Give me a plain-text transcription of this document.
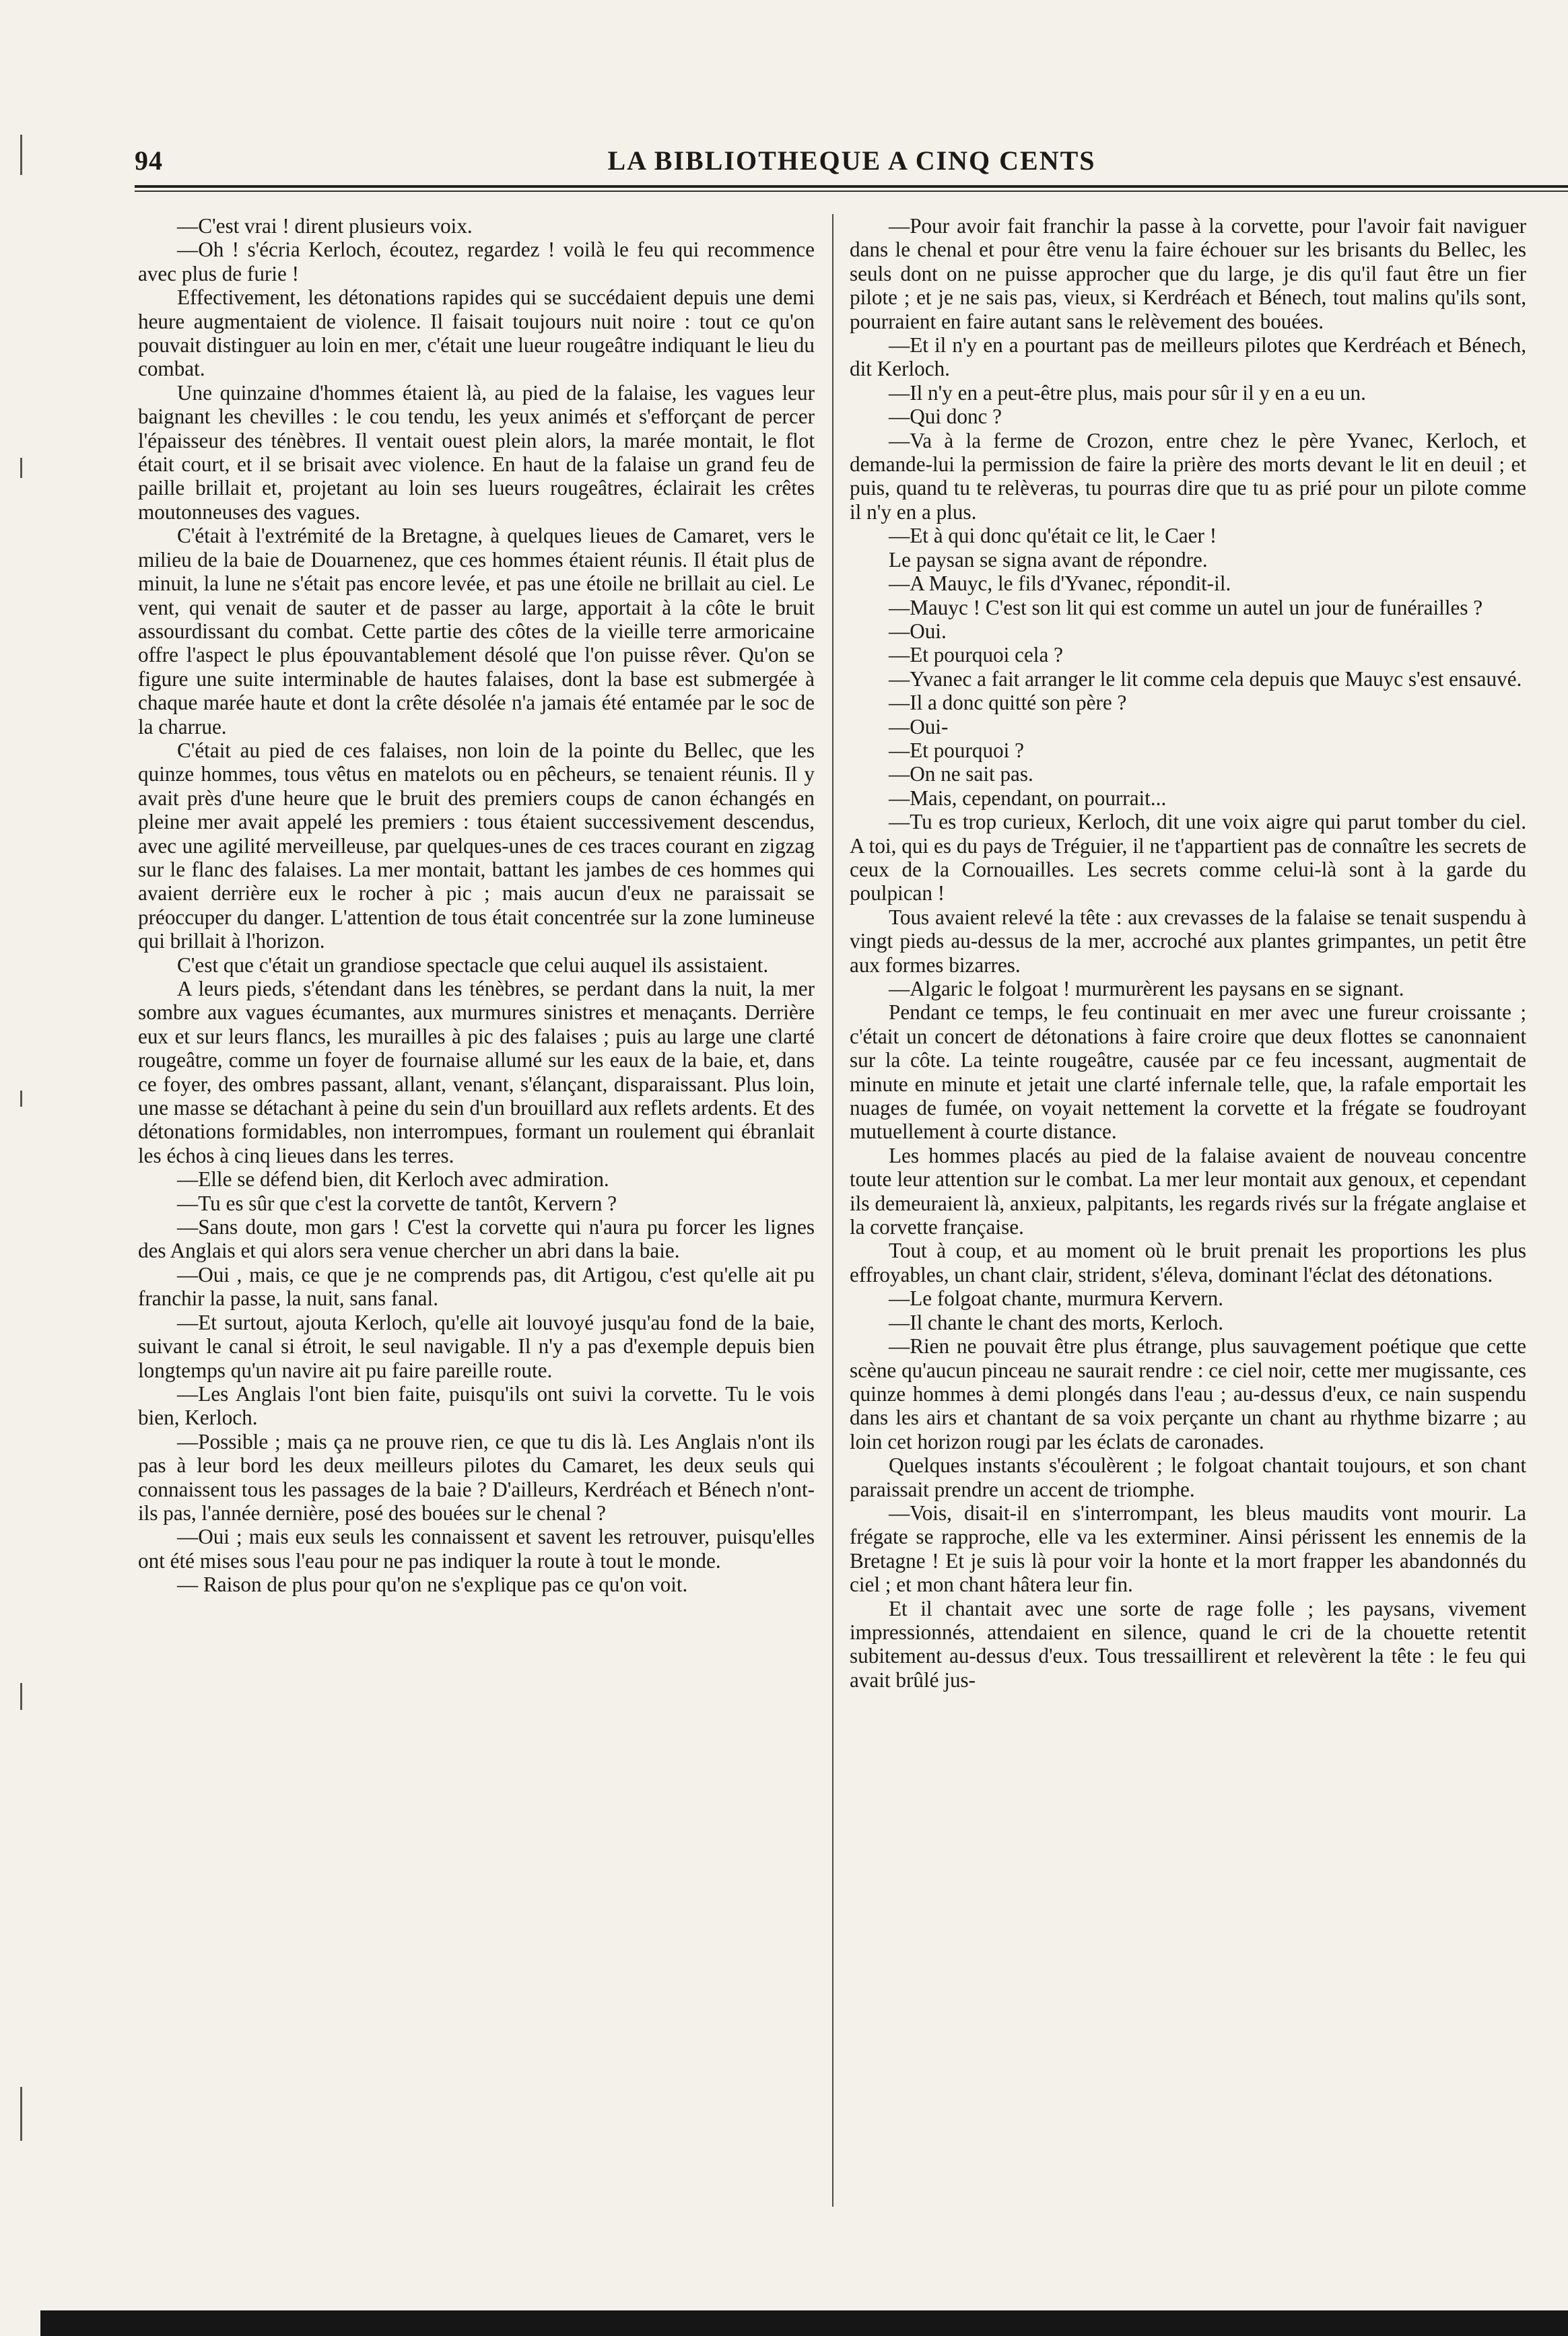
94	LA BIBLIOTHEQUE A CINQ CENTS

—C'est vrai ! dirent plusieurs voix.

—Oh ! s'écria Kerloch, écoutez, regardez ! voilà le feu qui recommence avec plus de furie !

Effectivement, les détonations rapides qui se succédaient depuis une demi heure augmentaient de violence. Il faisait toujours nuit noire : tout ce qu'on pouvait distinguer au loin en mer, c'était une lueur rougeâtre indiquant le lieu du combat.

Une quinzaine d'hommes étaient là, au pied de la falaise, les vagues leur baignant les chevilles : le cou tendu, les yeux animés et s'efforçant de percer l'épaisseur des ténèbres. Il ventait ouest plein alors, la marée montait, le flot était court, et il se brisait avec violence. En haut de la falaise un grand feu de paille brillait et, projetant au loin ses lueurs rougeâtres, éclairait les crêtes moutonneuses des vagues.

C'était à l'extrémité de la Bretagne, à quelques lieues de Camaret, vers le milieu de la baie de Douarnenez, que ces hommes étaient réunis. Il était plus de minuit, la lune ne s'était pas encore levée, et pas une étoile ne brillait au ciel. Le vent, qui venait de sauter et de passer au large, apportait à la côte le bruit assourdissant du combat. Cette partie des côtes de la vieille terre armoricaine offre l'aspect le plus épouvantablement désolé que l'on puisse rêver. Qu'on se figure une suite interminable de hautes falaises, dont la base est submergée à chaque marée haute et dont la crête désolée n'a jamais été entamée par le soc de la charrue.

C'était au pied de ces falaises, non loin de la pointe du Bellec, que les quinze hommes, tous vêtus en matelots ou en pêcheurs, se tenaient réunis. Il y avait près d'une heure que le bruit des premiers coups de canon échangés en pleine mer avait appelé les premiers : tous étaient successivement descendus, avec une agilité merveilleuse, par quelques-unes de ces traces courant en zigzag sur le flanc des falaises. La mer montait, battant les jambes de ces hommes qui avaient derrière eux le rocher à pic ; mais aucun d'eux ne paraissait se préoccuper du danger. L'attention de tous était concentrée sur la zone lumineuse qui brillait à l'horizon.

C'est que c'était un grandiose spectacle que celui auquel ils assistaient.

A leurs pieds, s'étendant dans les ténèbres, se perdant dans la nuit, la mer sombre aux vagues écumantes, aux murmures sinistres et menaçants. Derrière eux et sur leurs flancs, les murailles à pic des falaises ; puis au large une clarté rougeâtre, comme un foyer de fournaise allumé sur les eaux de la baie, et, dans ce foyer, des ombres passant, allant, venant, s'élançant, disparaissant. Plus loin, une masse se détachant à peine du sein d'un brouillard aux reflets ardents. Et des détonations formidables, non interrompues, formant un roulement qui ébranlait les échos à cinq lieues dans les terres.

—Elle se défend bien, dit Kerloch avec admiration.

—Tu es sûr que c'est la corvette de tantôt, Kervern ?

—Sans doute, mon gars ! C'est la corvette qui n'aura pu forcer les lignes des Anglais et qui alors sera venue chercher un abri dans la baie.

—Oui , mais, ce que je ne comprends pas, dit Artigou, c'est qu'elle ait pu franchir la passe, la nuit, sans fanal.

—Et surtout, ajouta Kerloch, qu'elle ait louvoyé jusqu'au fond de la baie, suivant le canal si étroit, le seul navigable. Il n'y a pas d'exemple depuis bien longtemps qu'un navire ait pu faire pareille route.

—Les Anglais l'ont bien faite, puisqu'ils ont suivi la corvette. Tu le vois bien, Kerloch.

—Possible ; mais ça ne prouve rien, ce que tu dis là. Les Anglais n'ont ils pas à leur bord les deux meilleurs pilotes du Camaret, les deux seuls qui connaissent tous les passages de la baie ? D'ailleurs, Kerdréach et Bénech n'ont-ils pas, l'année dernière, posé des bouées sur le chenal ?

—Oui ; mais eux seuls les connaissent et savent les retrouver, puisqu'elles ont été mises sous l'eau pour ne pas indiquer la route à tout le monde.

— Raison de plus pour qu'on ne s'explique pas ce qu'on voit.

—Pour avoir fait franchir la passe à la corvette, pour l'avoir fait naviguer dans le chenal et pour être venu la faire échouer sur les brisants du Bellec, les seuls dont on ne puisse approcher que du large, je dis qu'il faut être un fier pilote ; et je ne sais pas, vieux, si Kerdréach et Bénech, tout malins qu'ils sont, pourraient en faire autant sans le relèvement des bouées.

—Et il n'y en a pourtant pas de meilleurs pilotes que Kerdréach et Bénech, dit Kerloch.

—Il n'y en a peut-être plus, mais pour sûr il y en a eu un.

—Qui donc ?

—Va à la ferme de Crozon, entre chez le père Yvanec, Kerloch, et demande-lui la permission de faire la prière des morts devant le lit en deuil ; et puis, quand tu te relèveras, tu pourras dire que tu as prié pour un pilote comme il n'y en a plus.

—Et à qui donc qu'était ce lit, le Caer !

Le paysan se signa avant de répondre.

—A Mauyc, le fils d'Yvanec, répondit-il.

—Mauyc ! C'est son lit qui est comme un autel un jour de funérailles ?

—Oui.

—Et pourquoi cela ?

—Yvanec a fait arranger le lit comme cela depuis que Mauyc s'est ensauvé.

—Il a donc quitté son père ?

—Oui-

—Et pourquoi ?

—On ne sait pas.

—Mais, cependant, on pourrait...

—Tu es trop curieux, Kerloch, dit une voix aigre qui parut tomber du ciel. A toi, qui es du pays de Tréguier, il ne t'appartient pas de connaître les secrets de ceux de la Cornouailles. Les secrets comme celui-là sont à la garde du poulpican !

Tous avaient relevé la tête : aux crevasses de la falaise se tenait suspendu à vingt pieds au-dessus de la mer, accroché aux plantes grimpantes, un petit être aux formes bizarres.

—Algaric le folgoat ! murmurèrent les paysans en se signant.

Pendant ce temps, le feu continuait en mer avec une fureur croissante ; c'était un concert de détonations à faire croire que deux flottes se canonnaient sur la côte. La teinte rougeâtre, causée par ce feu incessant, augmentait de minute en minute et jetait une clarté infernale telle, que, la rafale emportait les nuages de fumée, on voyait nettement la corvette et la frégate se foudroyant mutuellement à courte distance.

Les hommes placés au pied de la falaise avaient de nouveau concentre toute leur attention sur le combat. La mer leur montait aux genoux, et cependant ils demeuraient là, anxieux, palpitants, les regards rivés sur la frégate anglaise et la corvette française.

Tout à coup, et au moment où le bruit prenait les proportions les plus effroyables, un chant clair, strident, s'éleva, dominant l'éclat des détonations.

—Le folgoat chante, murmura Kervern.

—Il chante le chant des morts, Kerloch.

—Rien ne pouvait être plus étrange, plus sauvagement poétique que cette scène qu'aucun pinceau ne saurait rendre : ce ciel noir, cette mer mugissante, ces quinze hommes à demi plongés dans l'eau ; au-dessus d'eux, ce nain suspendu dans les airs et chantant de sa voix perçante un chant au rhythme bizarre ; au loin cet horizon rougi par les éclats de caronades.

Quelques instants s'écoulèrent ; le folgoat chantait toujours, et son chant paraissait prendre un accent de triomphe.

—Vois, disait-il en s'interrompant, les bleus maudits vont mourir. La frégate se rapproche, elle va les exterminer. Ainsi périssent les ennemis de la Bretagne ! Et je suis là pour voir la honte et la mort frapper les abandonnés du ciel ; et mon chant hâtera leur fin.

Et il chantait avec une sorte de rage folle ; les paysans, vivement impressionnés, attendaient en silence, quand le cri de la chouette retentit subitement au-dessus d'eux. Tous tressaillirent et relevèrent la tête : le feu qui avait brûlé jus-
